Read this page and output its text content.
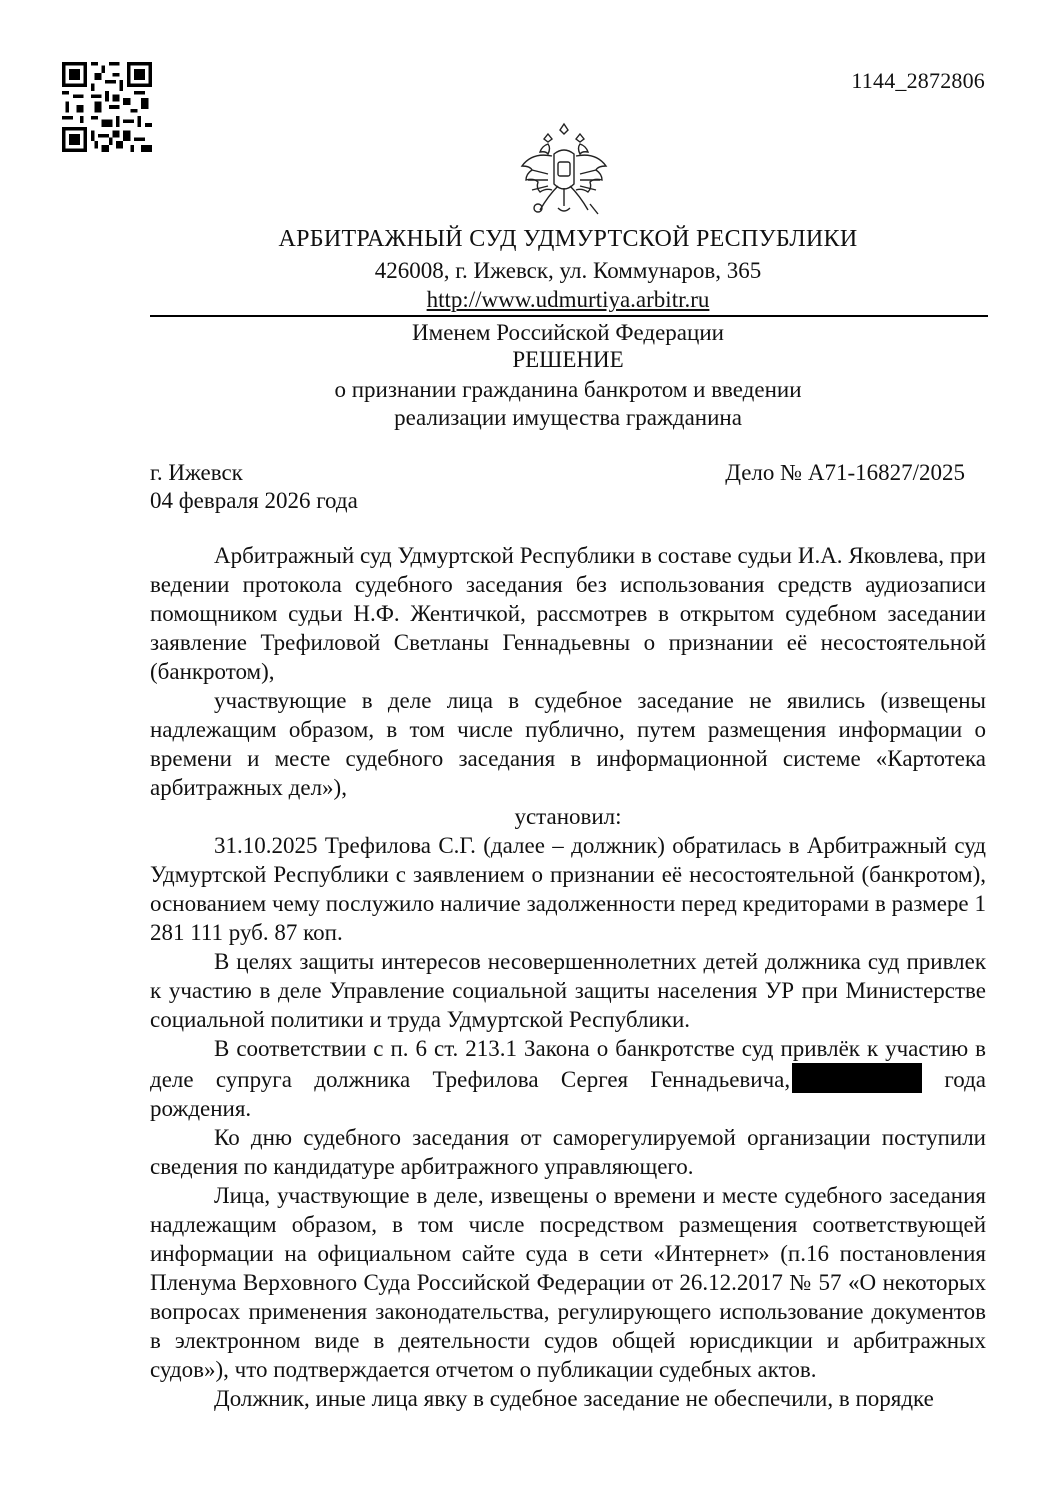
1144_2872806
АРБИТРАЖНЫЙ СУД УДМУРТСКОЙ РЕСПУБЛИКИ
426008, г. Ижевск, ул. Коммунаров, 365
http://www.udmurtiya.arbitr.ru
Именем Российской Федерации
РЕШЕНИЕ
о признании гражданина банкротом и введении
реализации имущества гражданина
г. Ижевск	Дело № А71-16827/2025
04 февраля 2026 года

Арбитражный суд Удмуртской Республики в составе судьи И.А. Яковлева, при ведении протокола судебного заседания без использования средств аудиозаписи помощником судьи Н.Ф. Жентичкой, рассмотрев в открытом судебном заседании заявление Трефиловой Светланы Геннадьевны о признании её несостоятельной (банкротом),

участвующие в деле лица в судебное заседание не явились (извещены надлежащим образом, в том числе публично, путем размещения информации о времени и месте судебного заседания в информационной системе «Картотека арбитражных дел»),

установил:

31.10.2025 Трефилова С.Г. (далее – должник) обратилась в Арбитражный суд Удмуртской Республики с заявлением о признании её несостоятельной (банкротом), основанием чему послужило наличие задолженности перед кредиторами в размере 1 281 111 руб. 87 коп.

В целях защиты интересов несовершеннолетних детей должника суд привлек к участию в деле Управление социальной защиты населения УР при Министерстве социальной политики и труда Удмуртской Республики.

В соответствии с п. 6 ст. 213.1 Закона о банкротстве суд привлёк к участию в деле супруга должника Трефилова Сергея Геннадьевича,	года рождения.

Ко дню судебного заседания от саморегулируемой организации поступили сведения по кандидатуре арбитражного управляющего.

Лица, участвующие в деле, извещены о времени и месте судебного заседания надлежащим образом, в том числе посредством размещения соответствующей информации на официальном сайте суда в сети «Интернет» (п.16 постановления Пленума Верховного Суда Российской Федерации от 26.12.2017 № 57 «О некоторых вопросах применения законодательства, регулирующего использование документов в электронном виде в деятельности судов общей юрисдикции и арбитражных судов»), что подтверждается отчетом о публикации судебных актов.

Должник, иные лица явку в судебное заседание не обеспечили, в порядке
